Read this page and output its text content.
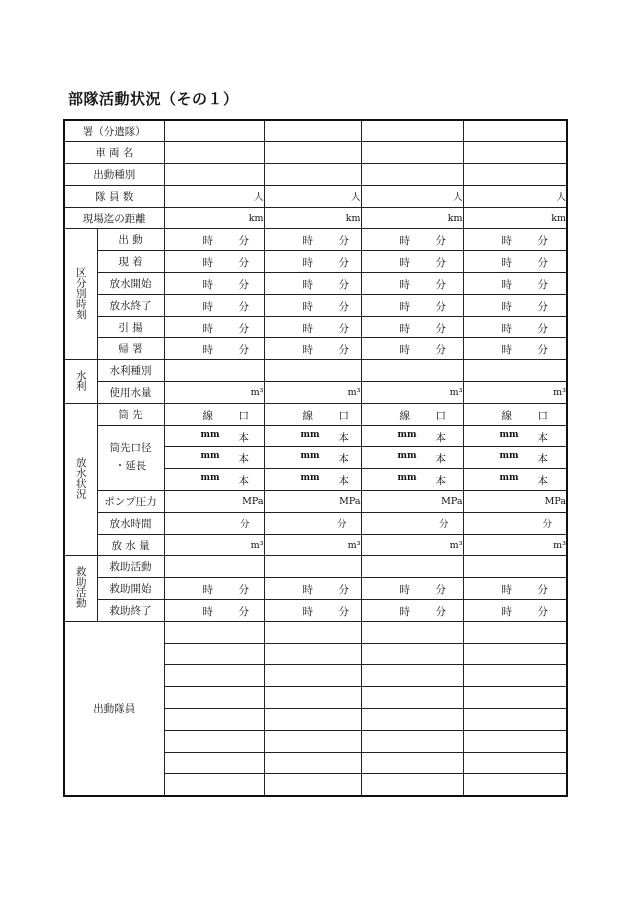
部隊活動状況（その１）
署（分遣隊）					
車 両 名					
出動種別					
隊 員 数		人	人	人	人
現場迄の距離		km	km	km	km
区分別時刻	出 動	時 分	時 分	時 分	時 分

	現 着	時 分	時 分	時 分	時 分

	放水開始	時 分	時 分	時 分	時 分

	放水終了	時 分	時 分	時 分	時 分

	引 揚	時 分	時 分	時 分	時 分

	帰 署	時 分	時 分	時 分	時 分

水利	水利種別				
	使用水量	m³	m³	m³	m³
放水状況	筒 先	線 口	線 口	線 口	線 口

	筒先口径
・延長	mm 本	mm 本	mm 本	mm 本

		mm 本	mm 本	mm 本	mm 本

		mm 本	mm 本	mm 本	mm 本

	ポンプ圧力	MPa	MPa	MPa	MPa
	放水時間	分	分	分	分
	放 水 量	m³	m³	m³	m³
救助活動	救助活動				
	救助開始	時 分	時 分	時 分	時 分

	救助終了	時 分	時 分	時 分	時 分

出動隊員					
